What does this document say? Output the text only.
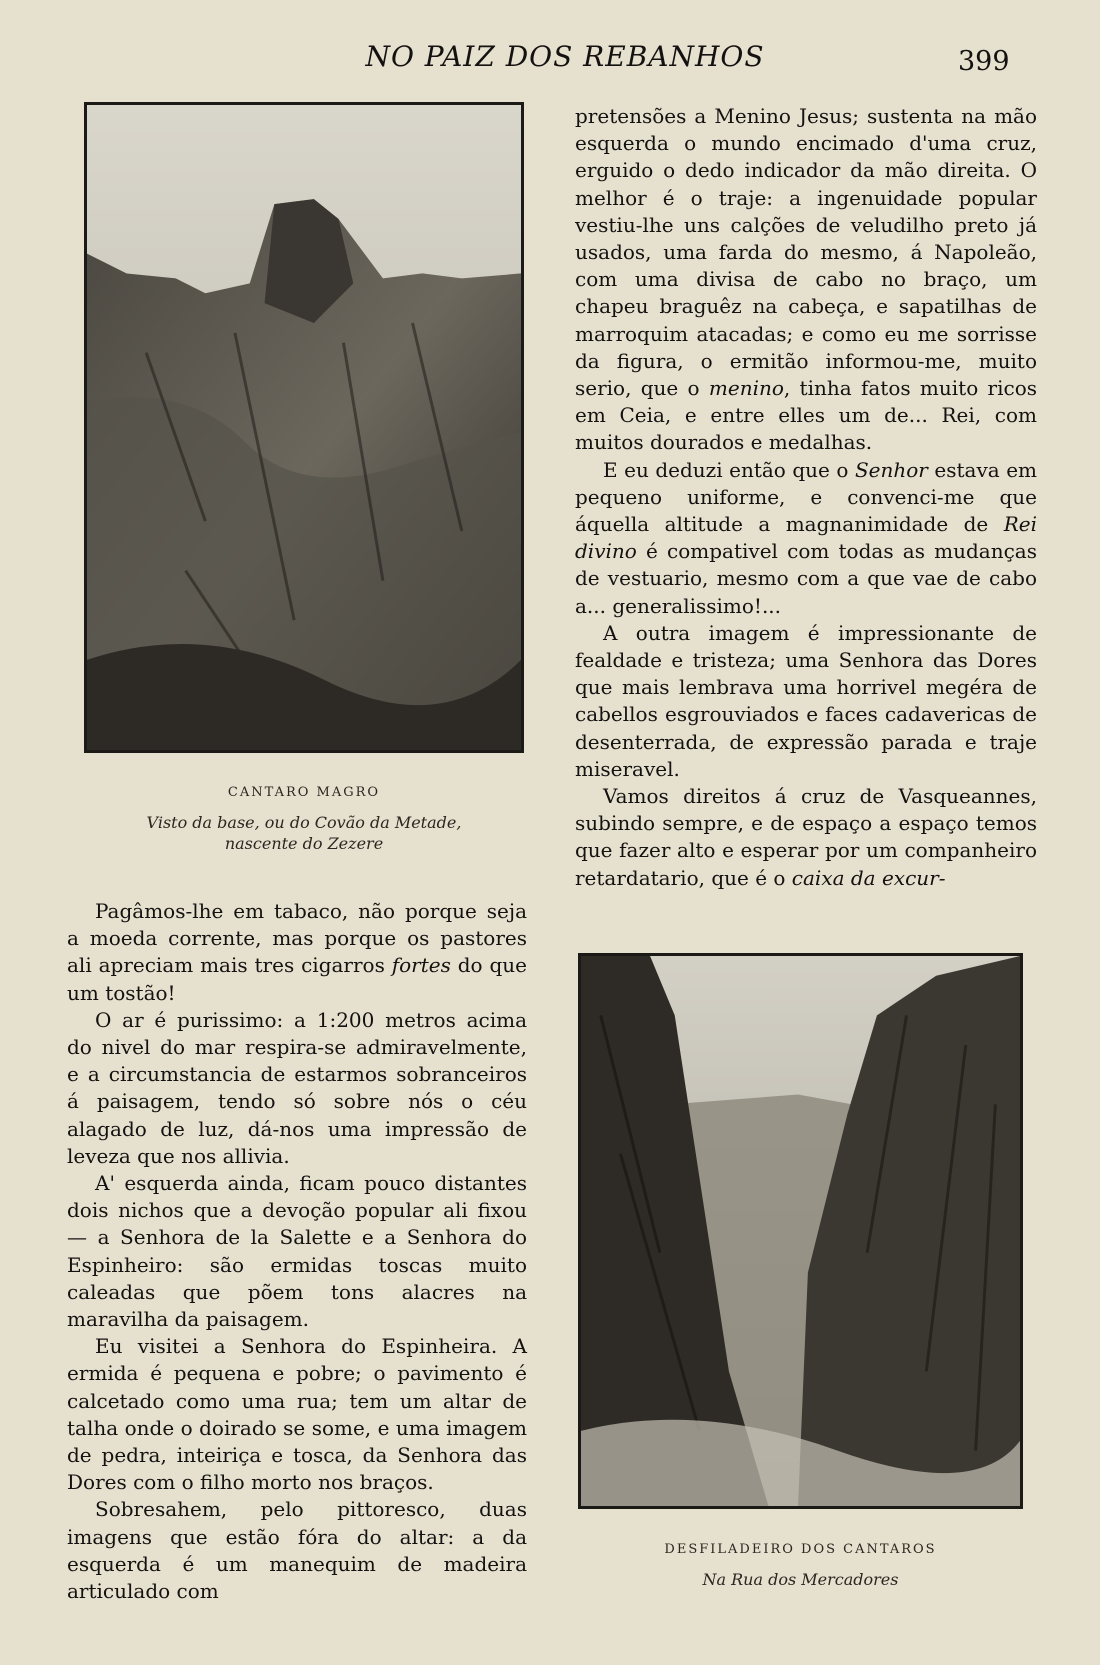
NO PAIZ DOS REBANHOS	399
CANTARO MAGRO
Visto da base, ou do Covão da Metade,
nascente do Zezere
DESFILADEIRO DOS CANTAROS
Na Rua dos Mercadores

Pagâmos-lhe em tabaco, não porque seja a moeda corrente, mas porque os pastores ali apreciam mais tres cigarros fortes do que um tostão!

O ar é purissimo: a 1:200 metros acima do nivel do mar respira-se admiravelmente, e a circumstancia de estarmos sobranceiros á paisagem, tendo só sobre nós o céu alagado de luz, dá-nos uma impressão de leveza que nos allivia.

A' esquerda ainda, ficam pouco distantes dois nichos que a devoção popular ali fixou — a Senhora de la Salette e a Senhora do Espinheiro: são ermidas toscas muito caleadas que põem tons alacres na maravilha da paisagem.

Eu visitei a Senhora do Espinheira. A ermida é pequena e pobre; o pavimento é calcetado como uma rua; tem um altar de talha onde o doirado se some, e uma imagem de pedra, inteiriça e tosca, da Senhora das Dores com o filho morto nos braços.

Sobresahem, pelo pittoresco, duas imagens que estão fóra do altar: a da esquerda é um manequim de madeira articulado com

pretensões a Menino Jesus; sustenta na mão esquerda o mundo encimado d'uma cruz, erguido o dedo indicador da mão direita. O melhor é o traje: a ingenuidade popular vestiu-lhe uns calções de veludilho preto já usados, uma farda do mesmo, á Napoleão, com uma divisa de cabo no braço, um chapeu braguêz na cabeça, e sapatilhas de marroquim atacadas; e como eu me sorrisse da figura, o ermitão informou-me, muito serio, que o menino, tinha fatos muito ricos em Ceia, e entre elles um de... Rei, com muitos dourados e medalhas.

E eu deduzi então que o Senhor estava em pequeno uniforme, e convenci-me que áquella altitude a magnanimidade de Rei divino é compativel com todas as mudanças de vestuario, mesmo com a que vae de cabo a... generalissimo!...

A outra imagem é impressionante de fealdade e tristeza; uma Senhora das Dores que mais lembrava uma horrivel megéra de cabellos esgrouviados e faces cadavericas de desenterrada, de expressão parada e traje miseravel.

Vamos direitos á cruz de Vasqueannes, subindo sempre, e de espaço a espaço temos que fazer alto e esperar por um companheiro retardatario, que é o caixa da excur-
